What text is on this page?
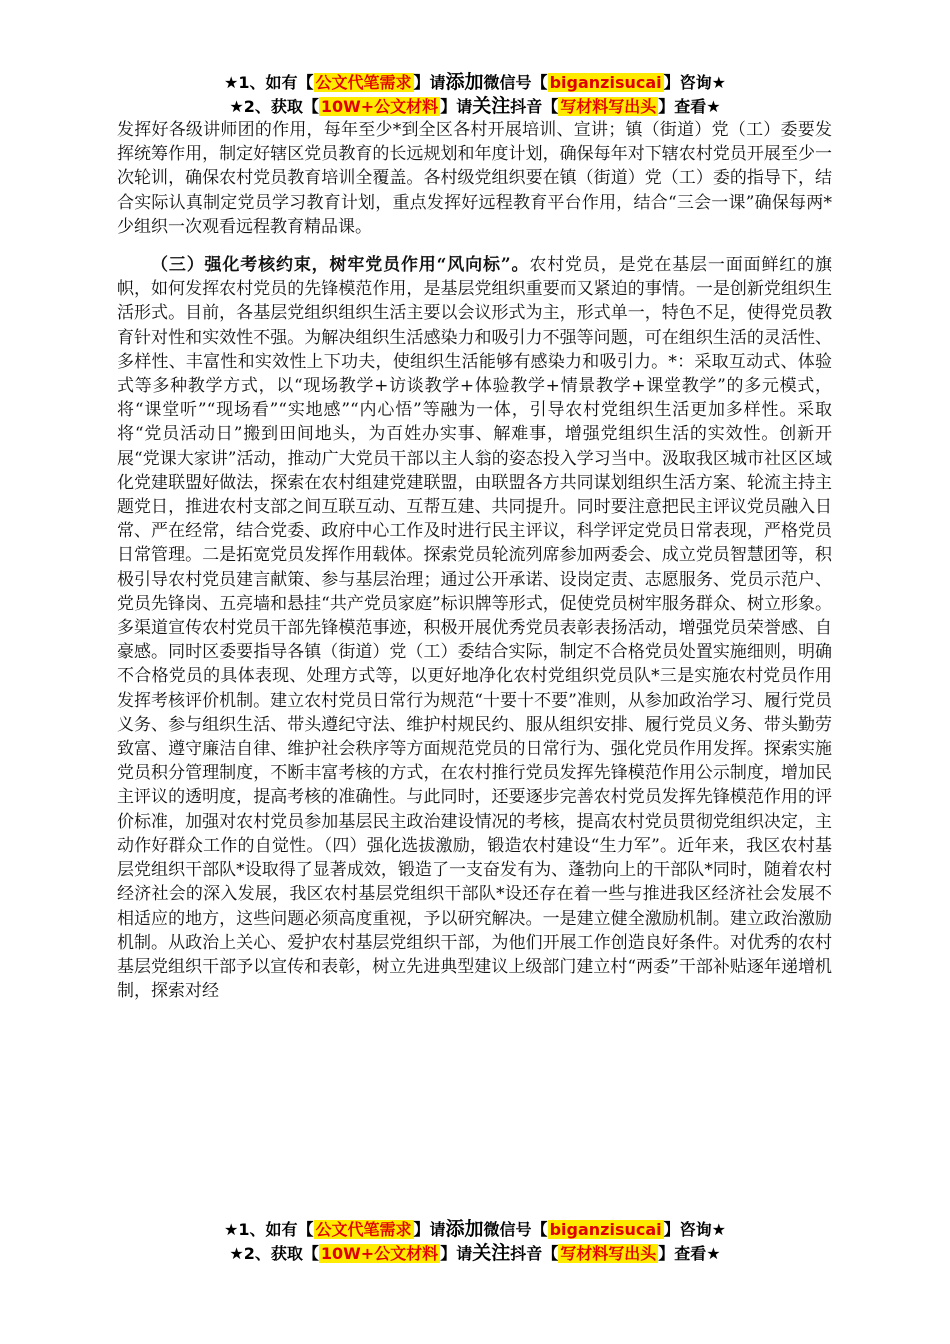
★1、如有【 公文代笔需求 】请添加微信号【 biganzisucai 】咨询★
★2、获取【 10W+公文材料 】请关注抖音【 写材料写出头 】查看★

发挥好各级讲师团的作用，每年至少*到全区各村开展培训、宣讲；镇（街道）党（工）委要发挥统筹作用，制定好辖区党员教育的长远规划和年度计划，确保每年对下辖农村党员开展至少一次轮训，确保农村党员教育培训全覆盖。各村级党组织要在镇（街道）党（工）委的指导下，结合实际认真制定党员学习教育计划，重点发挥好远程教育平台作用，结合“三会一课”确保每两*少组织一次观看远程教育精品课。

（三）强化考核约束，树牢党员作用“风向标”。农村党员，是党在基层一面面鲜红的旗帜，如何发挥农村党员的先锋模范作用，是基层党组织重要而又紧迫的事情。一是创新党组织生活形式。目前，各基层党组织组织生活主要以会议形式为主，形式单一，特色不足，使得党员教育针对性和实效性不强。为解决组织生活感染力和吸引力不强等问题，可在组织生活的灵活性、多样性、丰富性和实效性上下功夫，使组织生活能够有感染力和吸引力。*：采取互动式、体验式等多种教学方式，以“现场教学+访谈教学+体验教学+情景教学+课堂教学”的多元模式，将“课堂听”“现场看”“实地感”“内心悟”等融为一体，引导农村党组织生活更加多样性。采取将“党员活动日”搬到田间地头，为百姓办实事、解难事，增强党组织生活的实效性。创新开展“党课大家讲”活动，推动广大党员干部以主人翁的姿态投入学习当中。汲取我区城市社区区域化党建联盟好做法，探索在农村组建党建联盟，由联盟各方共同谋划组织生活方案、轮流主持主题党日，推进农村支部之间互联互动、互帮互建、共同提升。同时要注意把民主评议党员融入日常、严在经常，结合党委、政府中心工作及时进行民主评议，科学评定党员日常表现，严格党员日常管理。二是拓宽党员发挥作用载体。探索党员轮流列席参加两委会、成立党员智慧团等，积极引导农村党员建言献策、参与基层治理；通过公开承诺、设岗定责、志愿服务、党员示范户、党员先锋岗、五亮墙和悬挂“共产党员家庭”标识牌等形式，促使党员树牢服务群众、树立形象。多渠道宣传农村党员干部先锋模范事迹，积极开展优秀党员表彰表扬活动，增强党员荣誉感、自豪感。同时区委要指导各镇（街道）党（工）委结合实际，制定不合格党员处置实施细则，明确不合格党员的具体表现、处理方式等，以更好地净化农村党组织党员队*三是实施农村党员作用发挥考核评价机制。建立农村党员日常行为规范“十要十不要”准则，从参加政治学习、履行党员义务、参与组织生活、带头遵纪守法、维护村规民约、服从组织安排、履行党员义务、带头勤劳致富、遵守廉洁自律、维护社会秩序等方面规范党员的日常行为、强化党员作用发挥。探索实施党员积分管理制度，不断丰富考核的方式，在农村推行党员发挥先锋模范作用公示制度，增加民主评议的透明度，提高考核的准确性。与此同时，还要逐步完善农村党员发挥先锋模范作用的评价标准，加强对农村党员参加基层民主政治建设情况的考核，提高农村党员贯彻党组织决定，主动作好群众工作的自觉性。（四）强化选拔激励，锻造农村建设“生力军”。近年来，我区农村基层党组织干部队*设取得了显著成效，锻造了一支奋发有为、蓬勃向上的干部队*同时，随着农村经济社会的深入发展，我区农村基层党组织干部队*设还存在着一些与推进我区经济社会发展不相适应的地方，这些问题必须高度重视，予以研究解决。一是建立健全激励机制。建立政治激励机制。从政治上关心、爱护农村基层党组织干部，为他们开展工作创造良好条件。对优秀的农村基层党组织干部予以宣传和表彰，树立先进典型建议上级部门建立村“两委”干部补贴逐年递增机制，探索对经

★1、如有【 公文代笔需求 】请添加微信号【 biganzisucai 】咨询★
★2、获取【 10W+公文材料 】请关注抖音【 写材料写出头 】查看★
